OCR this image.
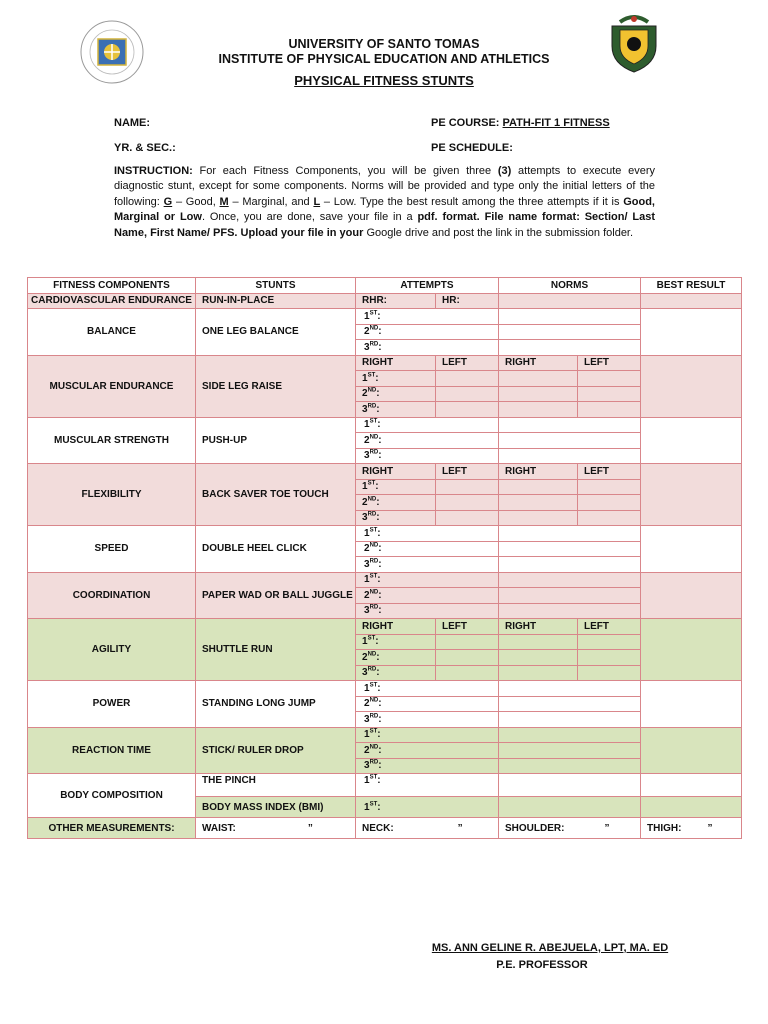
UNIVERSITY OF SANTO TOMAS
INSTITUTE OF PHYSICAL EDUCATION AND ATHLETICS
PHYSICAL FITNESS STUNTS
NAME:
YR. & SEC.:
PE COURSE: PATH-FIT 1 FITNESS
PE SCHEDULE:
INSTRUCTION: For each Fitness Components, you will be given three (3) attempts to execute every diagnostic stunt, except for some components. Norms will be provided and type only the initial letters of the following: G – Good, M – Marginal, and L – Low. Type the best result among the three attempts if it is Good, Marginal or Low. Once, you are done, save your file in a pdf. format. File name format: Section/ Last Name, First Name/ PFS. Upload your file in your Google drive and post the link in the submission folder.
FITNESS COMPONENTS	STUNTS	ATTEMPTS		NORMS		BEST RESULT
CARDIOVASCULAR ENDURANCE	RUN-IN-PLACE	RHR:	HR:			

BALANCE	ONE LEG BALANCE	1ST:				
		2ND:				
		3RD:				
MUSCULAR ENDURANCE	SIDE LEG RAISE	RIGHT	LEFT	RIGHT	LEFT	
		1ST:				
		2ND:				
		3RD:				
MUSCULAR STRENGTH	PUSH-UP	1ST:				
		2ND:				
		3RD:				
FLEXIBILITY	BACK SAVER TOE TOUCH	RIGHT	LEFT	RIGHT	LEFT	
		1ST:				
		2ND:				
		3RD:				
SPEED	DOUBLE HEEL CLICK	1ST:				
		2ND:				
		3RD:				
COORDINATION	PAPER WAD OR BALL JUGGLE	1ST:				
		2ND:				
		3RD:				
AGILITY	SHUTTLE RUN	RIGHT	LEFT	RIGHT	LEFT	
		1ST:				
		2ND:				
		3RD:				
POWER	STANDING LONG JUMP	1ST:				
		2ND:				
		3RD:				
REACTION TIME	STICK/ RULER DROP	1ST:				
		2ND:				
		3RD:				
BODY COMPOSITION	THE PINCH	1ST:				
	BODY MASS INDEX (BMI)	1ST:				
OTHER MEASUREMENTS:	WAIST: ”	NECK: ”		SHOULDER: ”		THIGH: ”
MS. ANN GELINE R. ABEJUELA, LPT, MA. ED
P.E. PROFESSOR
